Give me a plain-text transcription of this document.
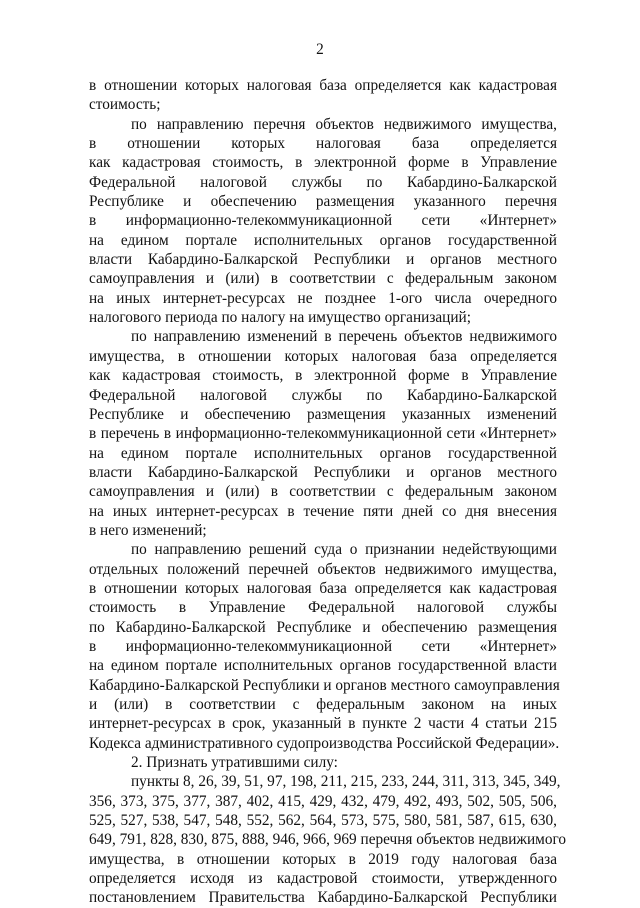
2
в отношении которых налоговая база определяется как кадастровая
стоимость;
по направлению перечня объектов недвижимого имущества,
в отношении которых налоговая база определяется
как кадастровая стоимость, в электронной форме в Управление
Федеральной налоговой службы по Кабардино-Балкарской
Республике и обеспечению размещения указанного перечня
в информационно-телекоммуникационной сети «Интернет»
на едином портале исполнительных органов государственной
власти Кабардино-Балкарской Республики и органов местного
самоуправления и (или) в соответствии с федеральным законом
на иных интернет-ресурсах не позднее 1-ого числа очередного
налогового периода по налогу на имущество организаций;
по направлению изменений в перечень объектов недвижимого
имущества, в отношении которых налоговая база определяется
как кадастровая стоимость, в электронной форме в Управление
Федеральной налоговой службы по Кабардино-Балкарской
Республике и обеспечению размещения указанных изменений
в перечень в информационно-телекоммуникационной сети «Интернет»
на едином портале исполнительных органов государственной
власти Кабардино-Балкарской Республики и органов местного
самоуправления и (или) в соответствии с федеральным законом
на иных интернет-ресурсах в течение пяти дней со дня внесения
в него изменений;
по направлению решений суда о признании недействующими
отдельных положений перечней объектов недвижимого имущества,
в отношении которых налоговая база определяется как кадастровая
стоимость в Управление Федеральной налоговой службы
по Кабардино-Балкарской Республике и обеспечению размещения
в информационно-телекоммуникационной сети «Интернет»
на едином портале исполнительных органов государственной власти
Кабардино-Балкарской Республики и органов местного самоуправления
и (или) в соответствии с федеральным законом на иных
интернет-ресурсах в срок, указанный в пункте 2 части 4 статьи 215
Кодекса административного судопроизводства Российской Федерации».
2. Признать утратившими силу:
пункты 8, 26, 39, 51, 97, 198, 211, 215, 233, 244, 311, 313, 345, 349,
356, 373, 375, 377, 387, 402, 415, 429, 432, 479, 492, 493, 502, 505, 506,
525, 527, 538, 547, 548, 552, 562, 564, 573, 575, 580, 581, 587, 615, 630,
649, 791, 828, 830, 875, 888, 946, 966, 969 перечня объектов недвижимого
имущества, в отношении которых в 2019 году налоговая база
определяется исходя из кадастровой стоимости, утвержденного
постановлением Правительства Кабардино-Балкарской Республики
